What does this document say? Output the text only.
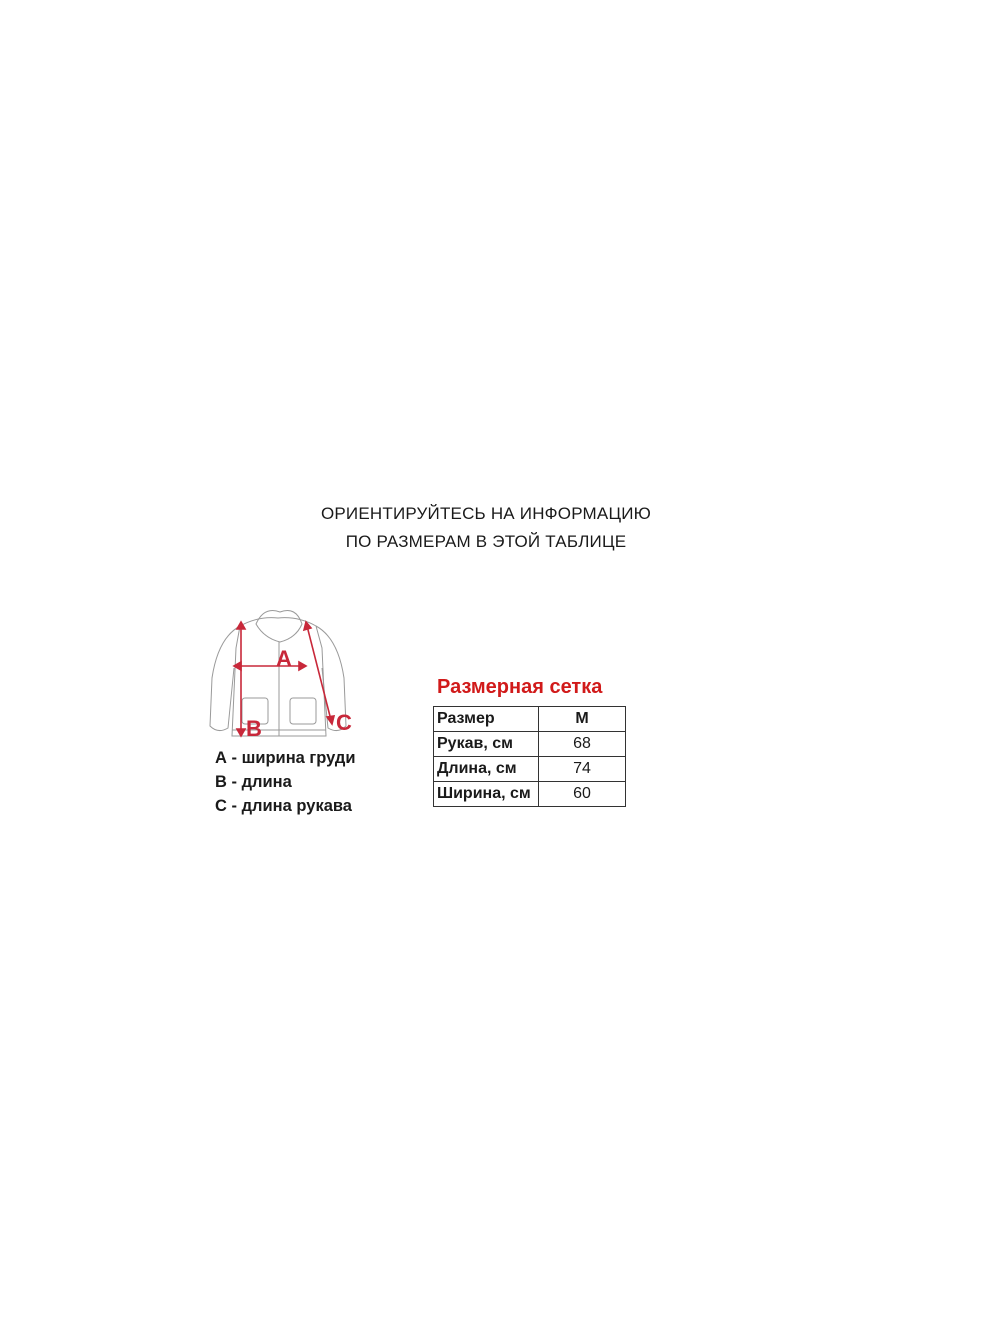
ОРИЕНТИРУЙТЕСЬ НА ИНФОРМАЦИЮ
ПО РАЗМЕРАМ В ЭТОЙ ТАБЛИЦЕ
A
B	C
А - ширина груди
В - длина
С - длина рукава
Размерная сетка
Размер	M
Рукав, см	68
Длина, см	74
Ширина, см	60
